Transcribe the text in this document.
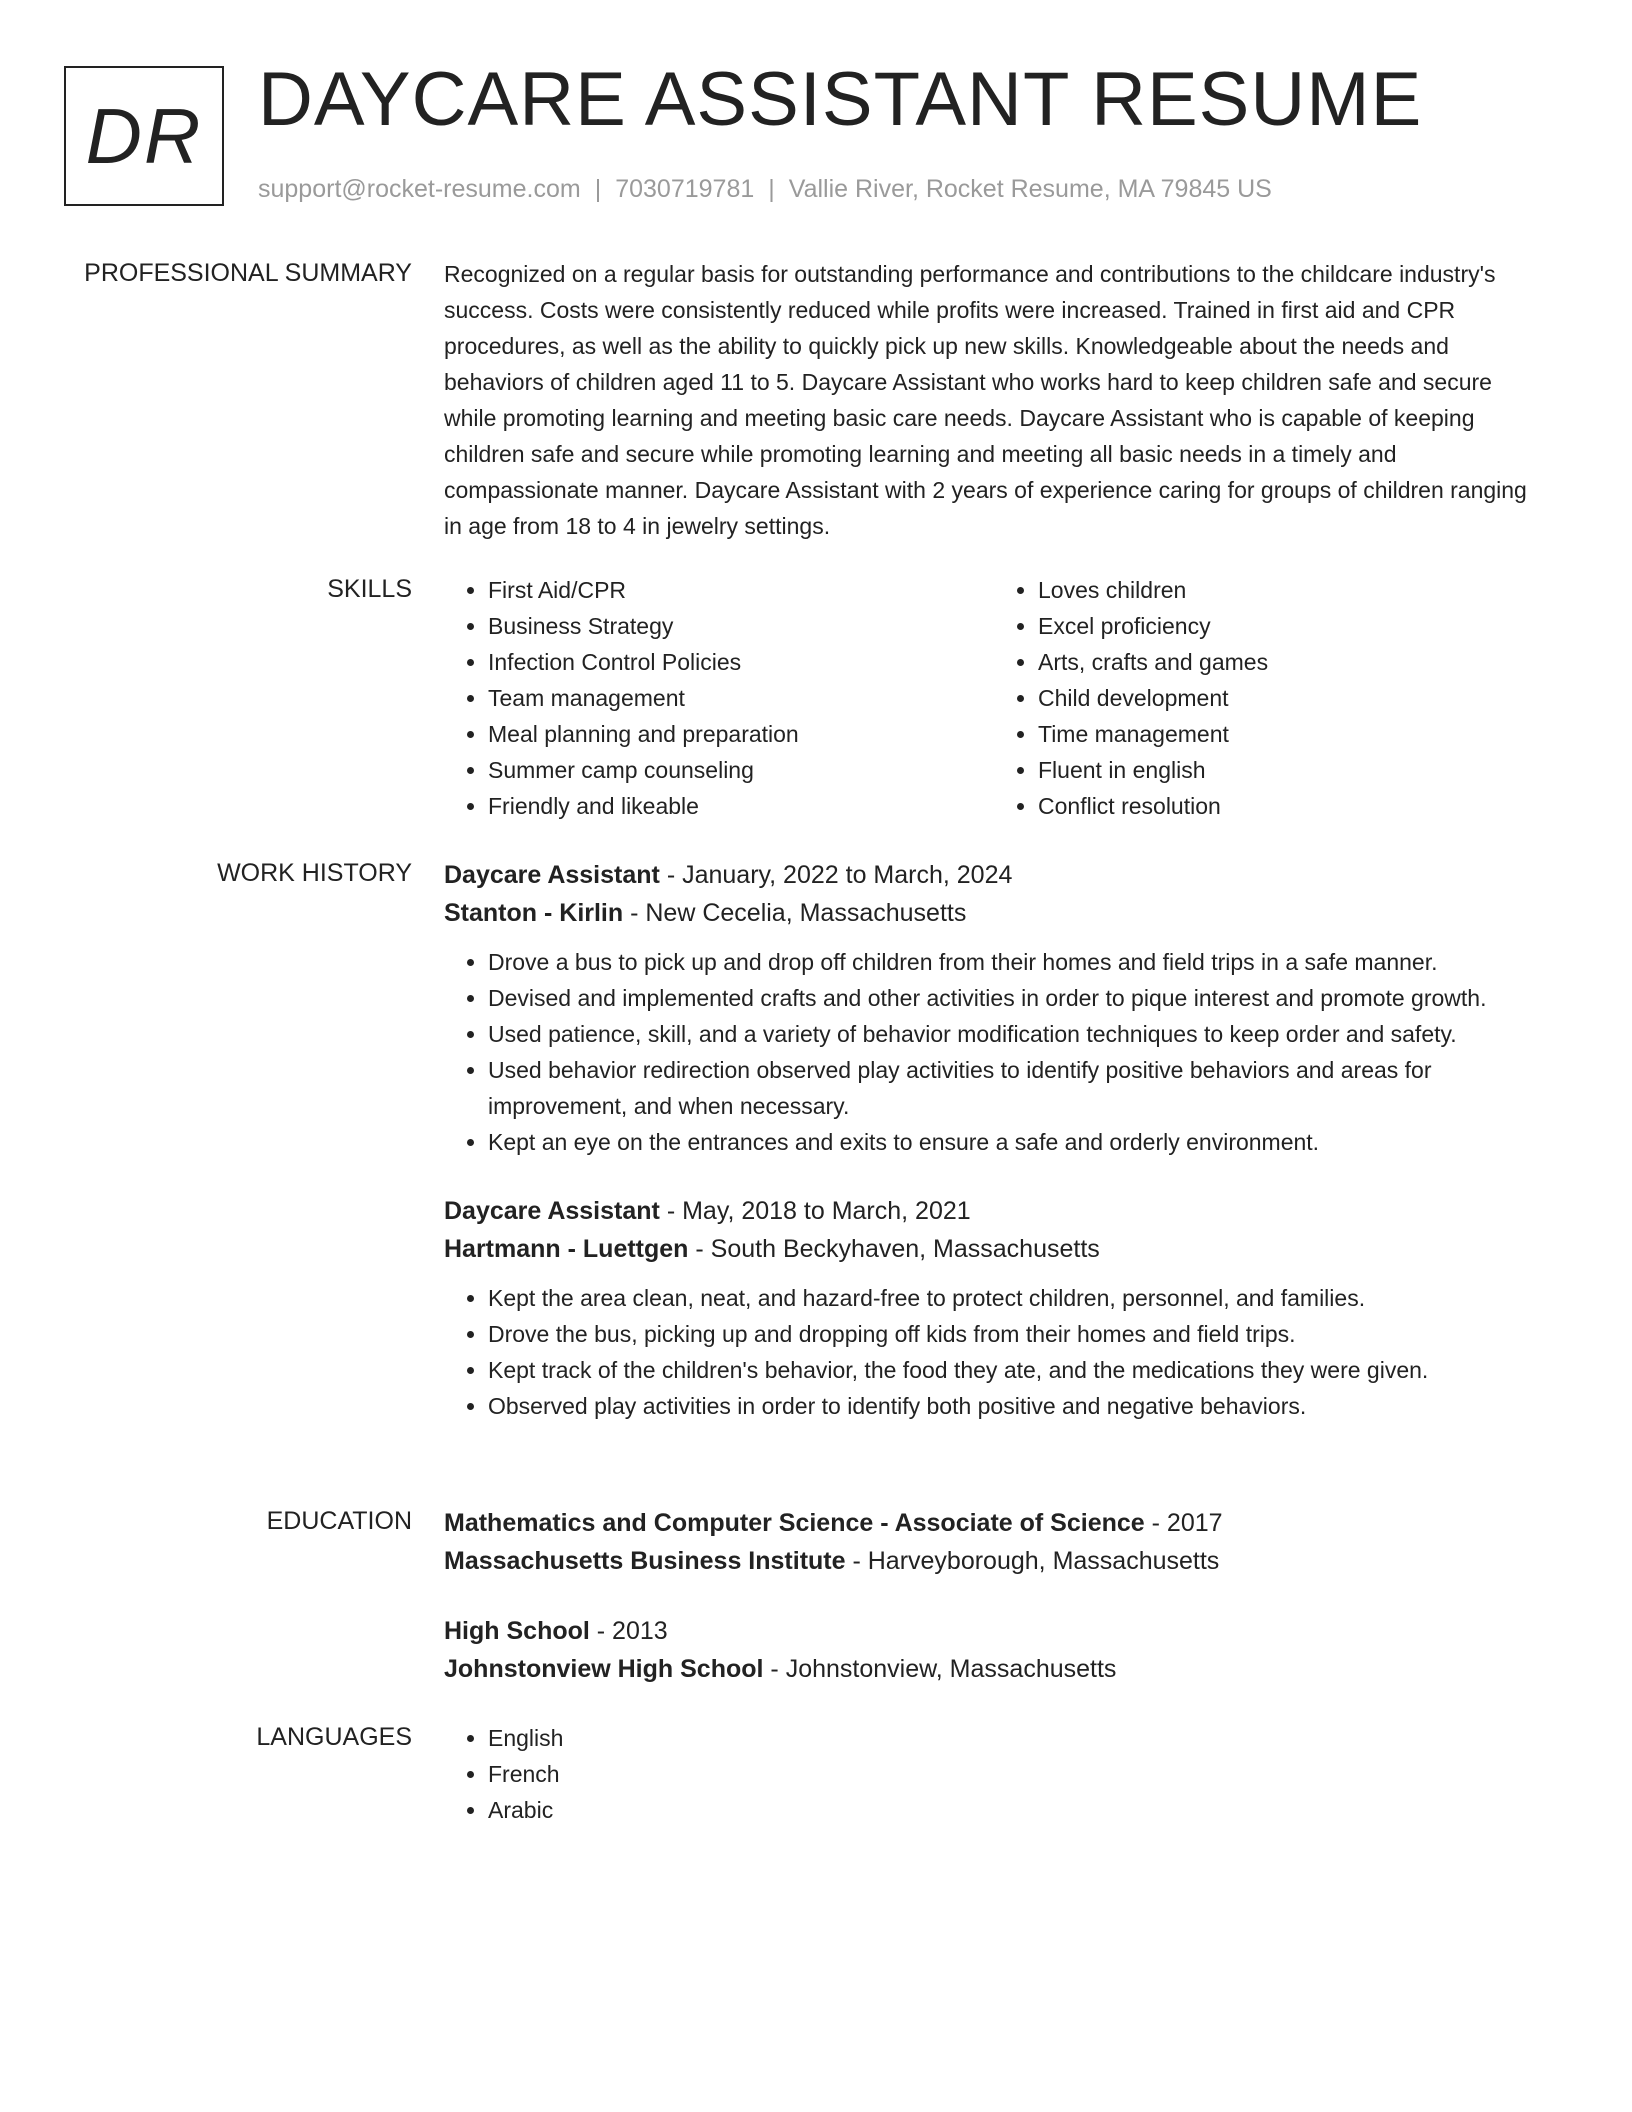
DR DAYCARE ASSISTANT RESUME
support@rocket-resume.com | 7030719781 | Vallie River, Rocket Resume, MA 79845 US
PROFESSIONAL SUMMARY Recognized on a regular basis for outstanding performance and contributions to the childcare industry's success. Costs were consistently reduced while profits were increased. Trained in first aid and CPR procedures, as well as the ability to quickly pick up new skills. Knowledgeable about the needs and behaviors of children aged 11 to 5. Daycare Assistant who works hard to keep children safe and secure while promoting learning and meeting basic care needs. Daycare Assistant who is capable of keeping children safe and secure while promoting learning and meeting all basic needs in a timely and compassionate manner. Daycare Assistant with 2 years of experience caring for groups of children ranging in age from 18 to 4 in jewelry settings.

SKILLS	• First Aid/CPR
• Business Strategy
• Infection Control Policies
• Team management
• Meal planning and preparation
• Summer camp counseling
• Friendly and likeable
• Loves children
• Excel proficiency
• Arts, crafts and games
• Child development
• Time management
• Fluent in english
• Conflict resolution
WORK HISTORY Daycare Assistant - January, 2022 to March, 2024
Stanton - Kirlin - New Cecelia, Massachusetts
• Drove a bus to pick up and drop off children from their homes and field trips in a safe manner.
• Devised and implemented crafts and other activities in order to pique interest and promote growth.
• Used patience, skill, and a variety of behavior modification techniques to keep order and safety.
• Used behavior redirection observed play activities to identify positive behaviors and areas for improvement, and when necessary.
• Kept an eye on the entrances and exits to ensure a safe and orderly environment.
Daycare Assistant - May, 2018 to March, 2021
Hartmann - Luettgen - South Beckyhaven, Massachusetts
• Kept the area clean, neat, and hazard-free to protect children, personnel, and families.
• Drove the bus, picking up and dropping off kids from their homes and field trips.
• Kept track of the children's behavior, the food they ate, and the medications they were given.
• Observed play activities in order to identify both positive and negative behaviors.
EDUCATION Mathematics and Computer Science - Associate of Science - 2017
Massachusetts Business Institute - Harveyborough, Massachusetts
High School - 2013
Johnstonview High School - Johnstonview, Massachusetts
LANGUAGES	• English
• French
• Arabic
